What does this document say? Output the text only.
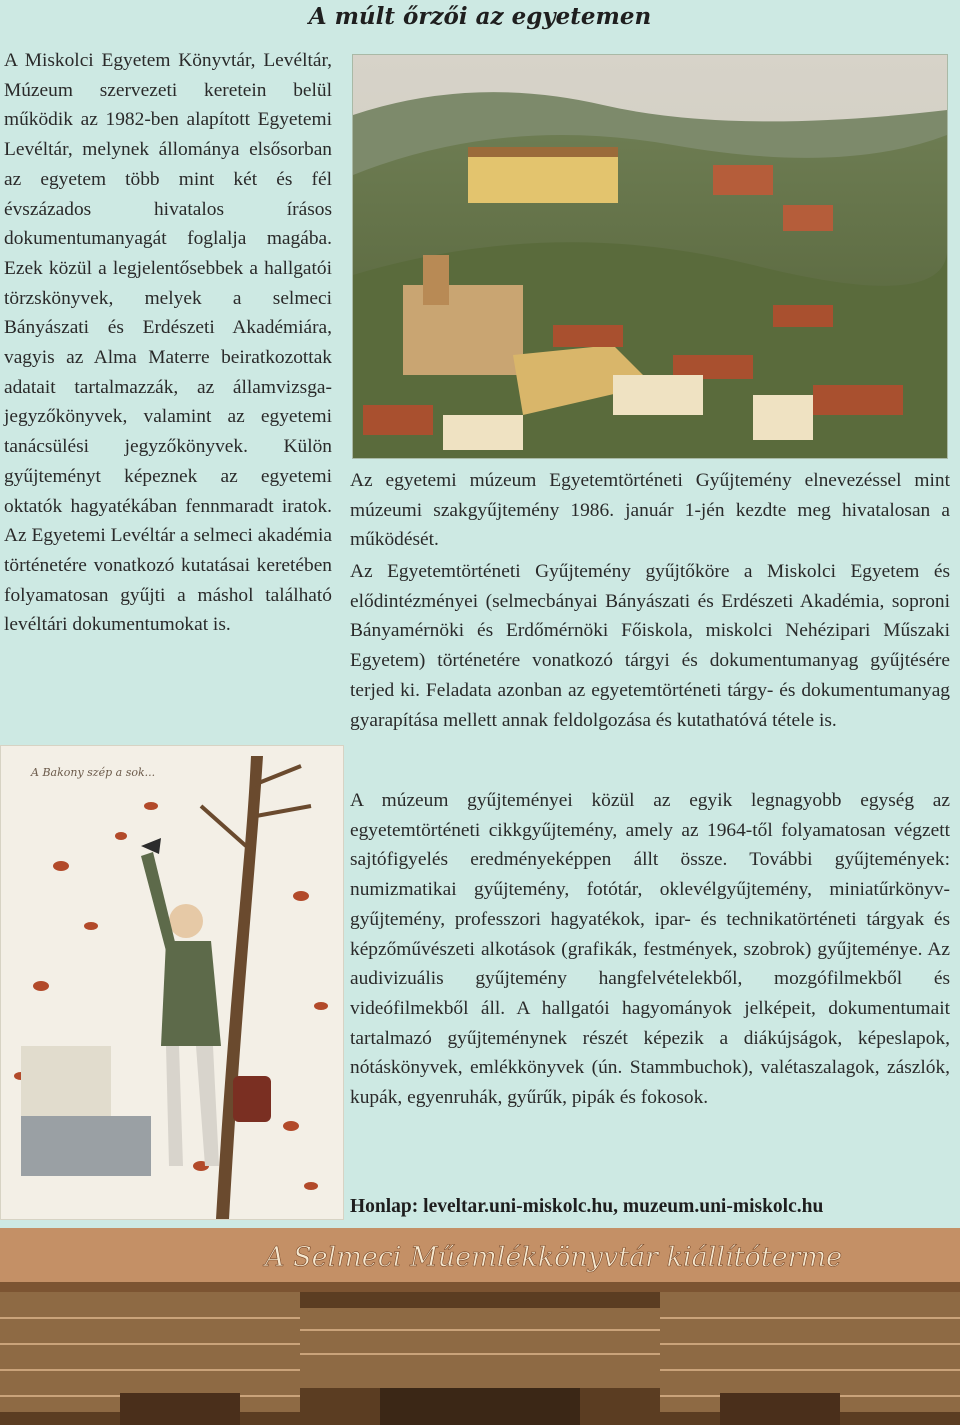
A múlt őrzői az egyetemen

A Miskolci Egyetem Könyvtár, Levéltár, Múzeum szervezeti keretein belül működik az 1982-ben alapított Egyetemi Levéltár, melynek állománya elsősorban az egyetem több mint két és fél évszázados hivatalos írásos dokumentumanyagát foglalja magába. Ezek közül a legjelentősebbek a hallgatói törzskönyvek, melyek a selmeci Bányászati és Erdészeti Akadémiára, vagyis az Alma Materre beiratkozottak adatait tartalmazzák, az államvizsga-jegyzőkönyvek, valamint az egyetemi tanácsülési jegyzőkönyvek. Külön gyűjteményt képeznek az egyetemi oktatók hagyatékában fennmaradt iratok. Az Egyetemi Levéltár a selmeci akadémia történetére vonatkozó kutatásai keretében folyamatosan gyűjti a máshol található levéltári dokumentumokat is.

Az egyetemi múzeum Egyetemtörténeti Gyűjtemény elnevezéssel mint múzeumi szakgyűjtemény 1986. január 1-jén kezdte meg hivatalosan a működését.

Az Egyetemtörténeti Gyűjtemény gyűjtőköre a Miskolci Egyetem és elődintézményei (selmecbányai Bányászati és Erdészeti Akadémia, soproni Bányamérnöki és Erdőmérnöki Főiskola, miskolci Nehézipari Műszaki Egyetem) történetére vonatkozó tárgyi és dokumentumanyag gyűjtésére terjed ki. Feladata azonban az egyetemtörténeti tárgy- és dokumentumanyag gyarapítása mellett annak feldolgozása és kutathatóvá tétele is.

A múzeum gyűjteményei közül az egyik legnagyobb egység az egyetemtörténeti cikkgyűjtemény, amely az 1964-től folyamatosan végzett sajtófigyelés eredményeképpen állt össze. További gyűjtemények: numizmatikai gyűjtemény, fotótár, oklevélgyűjtemény, miniatűrkönyv-gyűjtemény, professzori hagyatékok, ipar- és technikatörténeti tárgyak és képzőművészeti alkotások (grafikák, festmények, szobrok) gyűjteménye. Az audivizuális gyűjtemény hangfelvételekből, mozgófilmekből és videófilmekből áll. A hallgatói hagyományok jelképeit, dokumentumait tartalmazó gyűjteménynek részét képezik a diákújságok, képeslapok, nótáskönyvek, emlékkönyvek (ún. Stammbuchok), valétaszalagok, zászlók, kupák, egyenruhák, gyűrűk, pipák és fokosok.

A Bakony szép a sok...

Honlap: leveltar.uni-miskolc.hu, muzeum.uni-miskolc.hu

A Selmeci Műemlékkönyvtár kiállítóterme
